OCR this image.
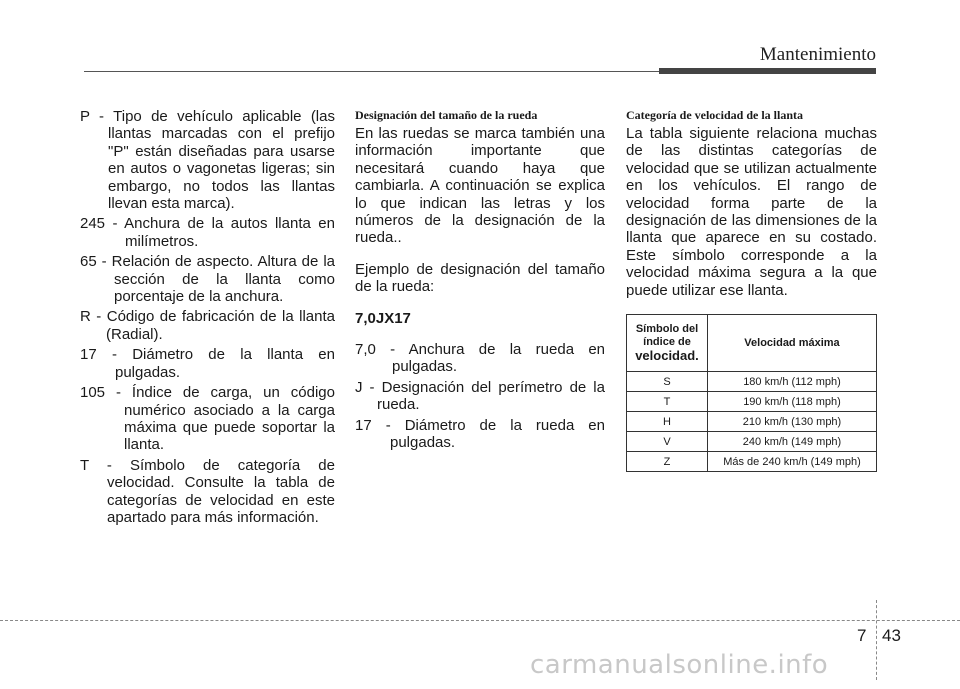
Mantenimiento

P - Tipo de vehículo aplicable (las llantas marcadas con el prefijo "P" están diseñadas para usarse en autos o vagonetas ligeras; sin embargo, no todos las llantas llevan esta marca).

245 - Anchura de la autos llanta en milímetros.

65 - Relación de aspecto. Altura de la sección de la llanta como porcentaje de la anchura.

R - Código de fabricación de la llanta (Radial).

17 - Diámetro de la llanta en pulgadas.

105 - Índice de carga, un código numérico asociado a la carga máxima que puede soportar la llanta.

T - Símbolo de categoría de velocidad. Consulte la tabla de categorías de velocidad en este apartado para más información.

Designación del tamaño de la rueda

En las ruedas se marca también una información importante que necesitará cuando haya que cambiarla. A continuación se explica lo que indican las letras y los números de la designación de la rueda..

Ejemplo de designación del tamaño de la rueda:

7,0JX17

7,0 - Anchura de la rueda en pulgadas.

J - Designación del perímetro de la rueda.

17 - Diámetro de la rueda en pulgadas.

Categoría de velocidad de la llanta

La tabla siguiente relaciona muchas de las distintas categorías de velocidad que se utilizan actualmente en los vehículos. El rango de velocidad forma parte de la designación de las dimensiones de la llanta que aparece en su costado. Este símbolo corresponde a la velocidad máxima segura a la que puede utilizar ese llanta.

Símbolo del
índice de
velocidad.	Velocidad máxima
S	180 km/h (112 mph)
T	190 km/h (118 mph)
H	210 km/h (130 mph)
V	240 km/h (149 mph)
Z	Más de 240 km/h (149 mph)
7 43
carmanualsonline.info
